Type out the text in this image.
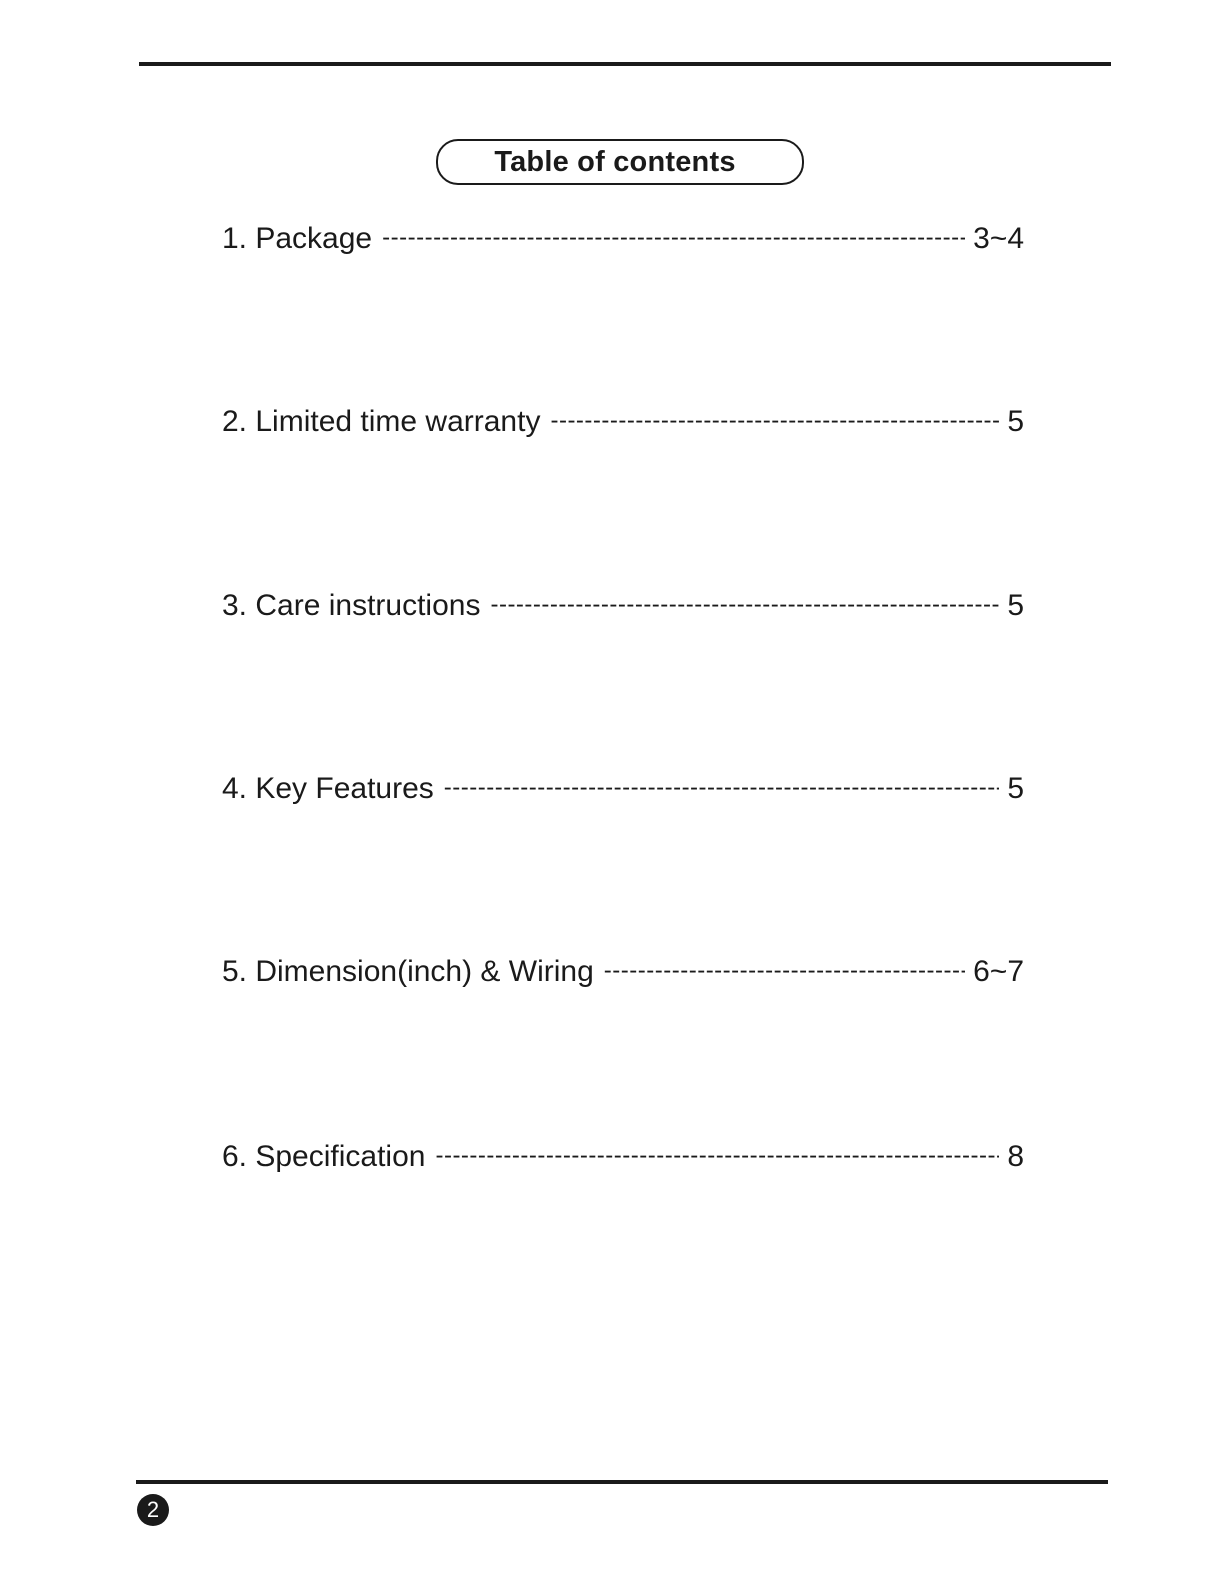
Table of contents
1. Package -----	3~4
2. Limited time warranty -----	5
3. Care instructions -----	5
4. Key Features -----	5
5. Dimension(inch) & Wiring -----	6~7
6. Specification -----	8
2
